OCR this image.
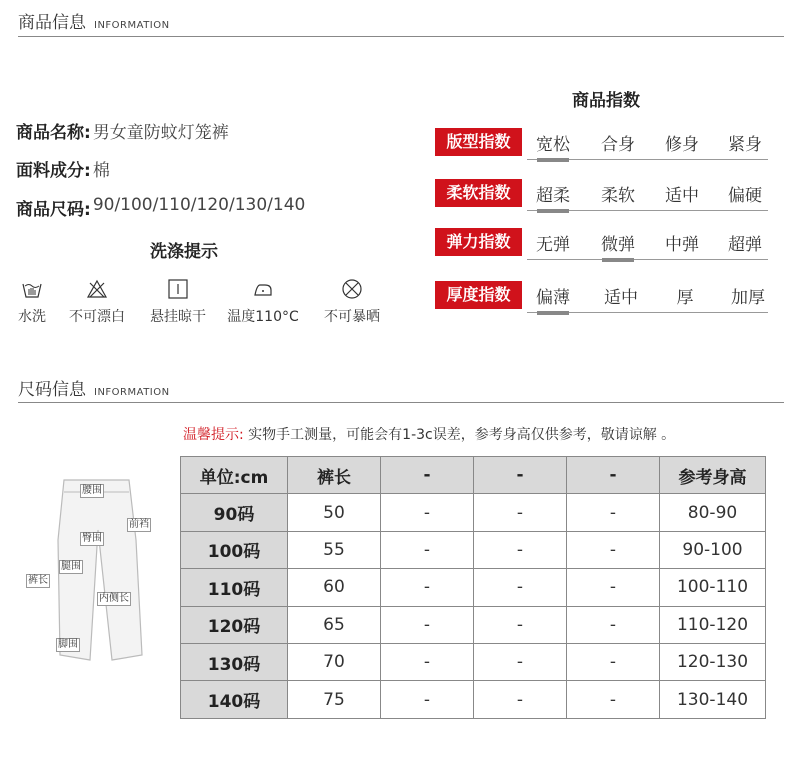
商品信息 INFORMATION
商品名称: 男女童防蚊灯笼裤
面料成分: 棉
商品尺码: 90/100/110/120/130/140
洗涤提示
水洗	不可漂白	悬挂晾干	温度110°C	不可暴晒
商品指数
版型指数	宽松	合身	修身	紧身
柔软指数	超柔	柔软	适中	偏硬
弹力指数	无弹	微弹	中弹	超弹
厚度指数	偏薄	适中	厚	加厚
尺码信息 INFORMATION
温馨提示: 实物手工测量，可能会有1-3c误差，参考身高仅供参考，敬请谅解 。
腰围
前裆
臀围
腿围
裤长
内侧长
脚围
单位:cm	裤长	-	-	-	参考身高
90码	50	-	-	-	80-90
100码	55	-	-	-	90-100
110码	60	-	-	-	100-110
120码	65	-	-	-	110-120
130码	70	-	-	-	120-130
140码	75	-	-	-	130-140
